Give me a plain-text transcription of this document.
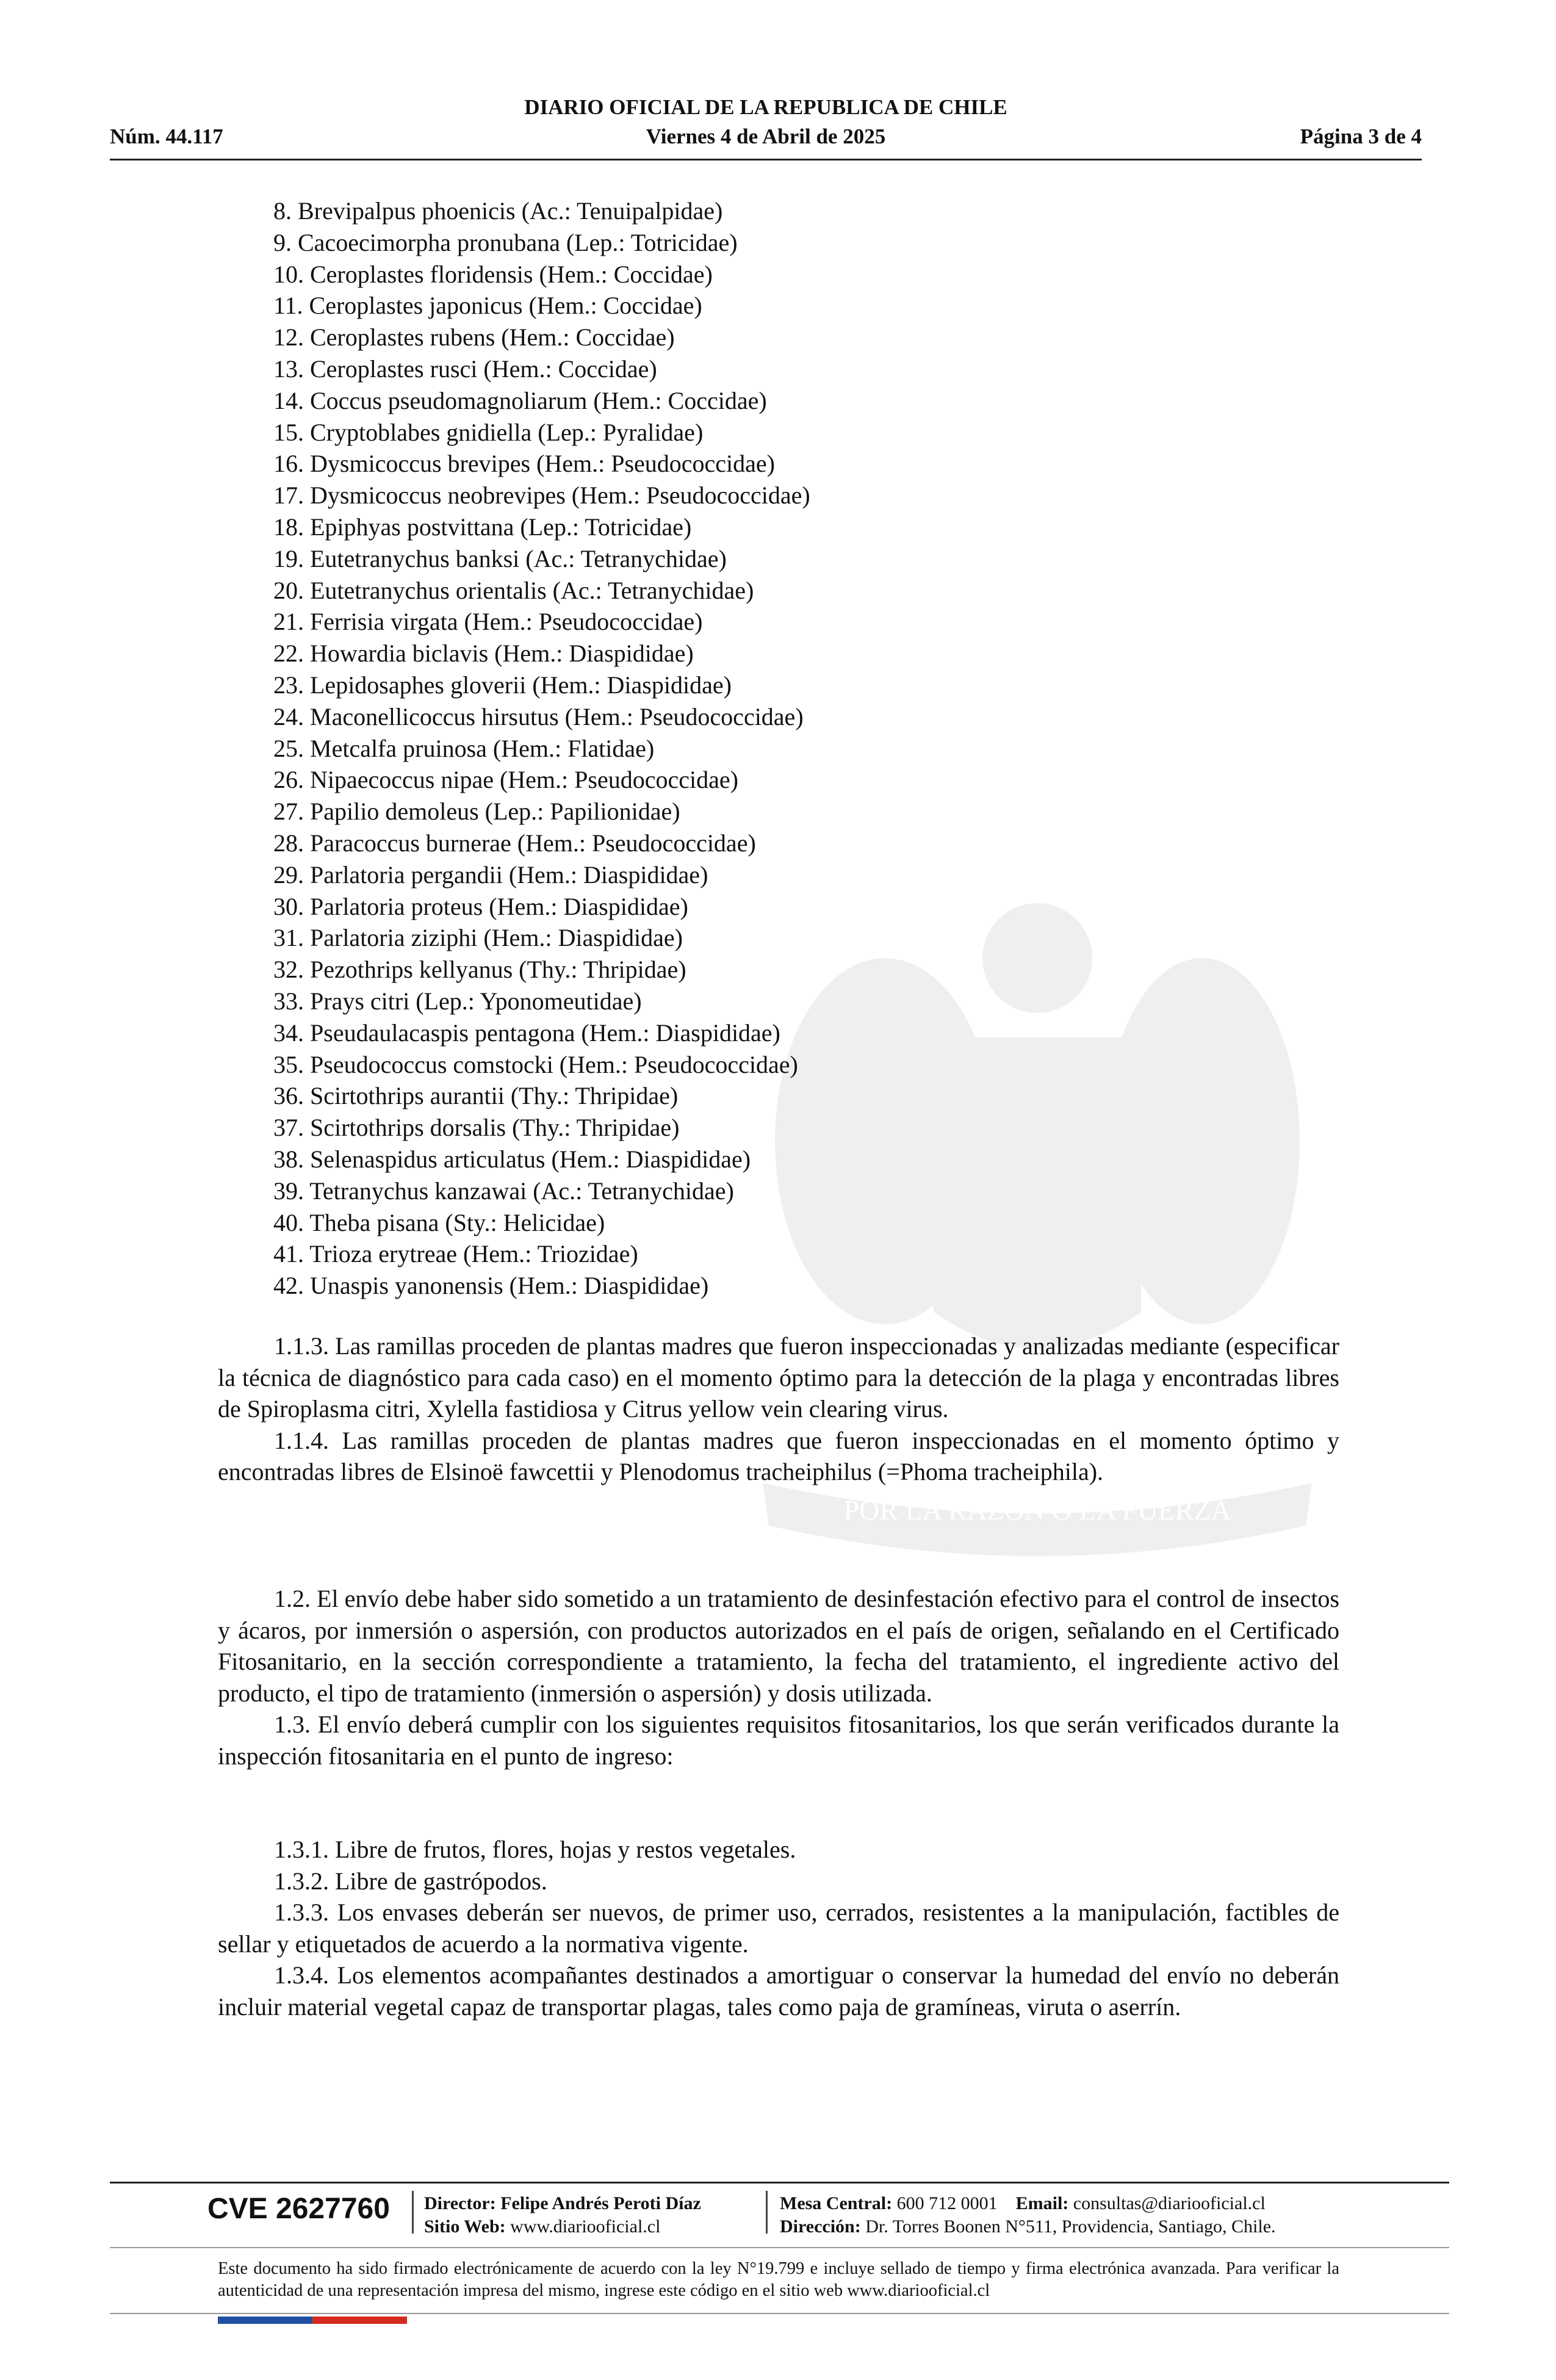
POR LA RAZON O LA FUERZA
DIARIO OFICIAL DE LA REPUBLICA DE CHILE
Núm. 44.117	Viernes 4 de Abril de 2025	Página 3 de 4
8. Brevipalpus phoenicis (Ac.: Tenuipalpidae)
9. Cacoecimorpha pronubana (Lep.: Totricidae)
10. Ceroplastes floridensis (Hem.: Coccidae)
11. Ceroplastes japonicus (Hem.: Coccidae)
12. Ceroplastes rubens (Hem.: Coccidae)
13. Ceroplastes rusci (Hem.: Coccidae)
14. Coccus pseudomagnoliarum (Hem.: Coccidae)
15. Cryptoblabes gnidiella (Lep.: Pyralidae)
16. Dysmicoccus brevipes (Hem.: Pseudococcidae)
17. Dysmicoccus neobrevipes (Hem.: Pseudococcidae)
18. Epiphyas postvittana (Lep.: Totricidae)
19. Eutetranychus banksi (Ac.: Tetranychidae)
20. Eutetranychus orientalis (Ac.: Tetranychidae)
21. Ferrisia virgata (Hem.: Pseudococcidae)
22. Howardia biclavis (Hem.: Diaspididae)
23. Lepidosaphes gloverii (Hem.: Diaspididae)
24. Maconellicoccus hirsutus (Hem.: Pseudococcidae)
25. Metcalfa pruinosa (Hem.: Flatidae)
26. Nipaecoccus nipae (Hem.: Pseudococcidae)
27. Papilio demoleus (Lep.: Papilionidae)
28. Paracoccus burnerae (Hem.: Pseudococcidae)
29. Parlatoria pergandii (Hem.: Diaspididae)
30. Parlatoria proteus (Hem.: Diaspididae)
31. Parlatoria ziziphi (Hem.: Diaspididae)
32. Pezothrips kellyanus (Thy.: Thripidae)
33. Prays citri (Lep.: Yponomeutidae)
34. Pseudaulacaspis pentagona (Hem.: Diaspididae)
35. Pseudococcus comstocki (Hem.: Pseudococcidae)
36. Scirtothrips aurantii (Thy.: Thripidae)
37. Scirtothrips dorsalis (Thy.: Thripidae)
38. Selenaspidus articulatus (Hem.: Diaspididae)
39. Tetranychus kanzawai (Ac.: Tetranychidae)
40. Theba pisana (Sty.: Helicidae)
41. Trioza erytreae (Hem.: Triozidae)
42. Unaspis yanonensis (Hem.: Diaspididae)

1.1.3. Las ramillas proceden de plantas madres que fueron inspeccionadas y analizadas mediante (especificar la técnica de diagnóstico para cada caso) en el momento óptimo para la detección de la plaga y encontradas libres de Spiroplasma citri, Xylella fastidiosa y Citrus yellow vein clearing virus.

1.1.4. Las ramillas proceden de plantas madres que fueron inspeccionadas en el momento óptimo y encontradas libres de Elsinoë fawcettii y Plenodomus tracheiphilus (=Phoma tracheiphila).

1.2. El envío debe haber sido sometido a un tratamiento de desinfestación efectivo para el control de insectos y ácaros, por inmersión o aspersión, con productos autorizados en el país de origen, señalando en el Certificado Fitosanitario, en la sección correspondiente a tratamiento, la fecha del tratamiento, el ingrediente activo del producto, el tipo de tratamiento (inmersión o aspersión) y dosis utilizada.

1.3. El envío deberá cumplir con los siguientes requisitos fitosanitarios, los que serán verificados durante la inspección fitosanitaria en el punto de ingreso:

1.3.1. Libre de frutos, flores, hojas y restos vegetales.

1.3.2. Libre de gastrópodos.

1.3.3. Los envases deberán ser nuevos, de primer uso, cerrados, resistentes a la manipulación, factibles de sellar y etiquetados de acuerdo a la normativa vigente.

1.3.4. Los elementos acompañantes destinados a amortiguar o conservar la humedad del envío no deberán incluir material vegetal capaz de transportar plagas, tales como paja de gramíneas, viruta o aserrín.

CVE 2627760 Director: Felipe Andrés Peroti Díaz
Sitio Web: www.diariooficial.cl
Mesa Central: 600 712 0001 Email: consultas@diariooficial.cl
Dirección: Dr. Torres Boonen N°511, Providencia, Santiago, Chile.
Este documento ha sido firmado electrónicamente de acuerdo con la ley N°19.799 e incluye sellado de tiempo y firma electrónica avanzada. Para verificar la autenticidad de una representación impresa del mismo, ingrese este código en el sitio web www.diariooficial.cl
